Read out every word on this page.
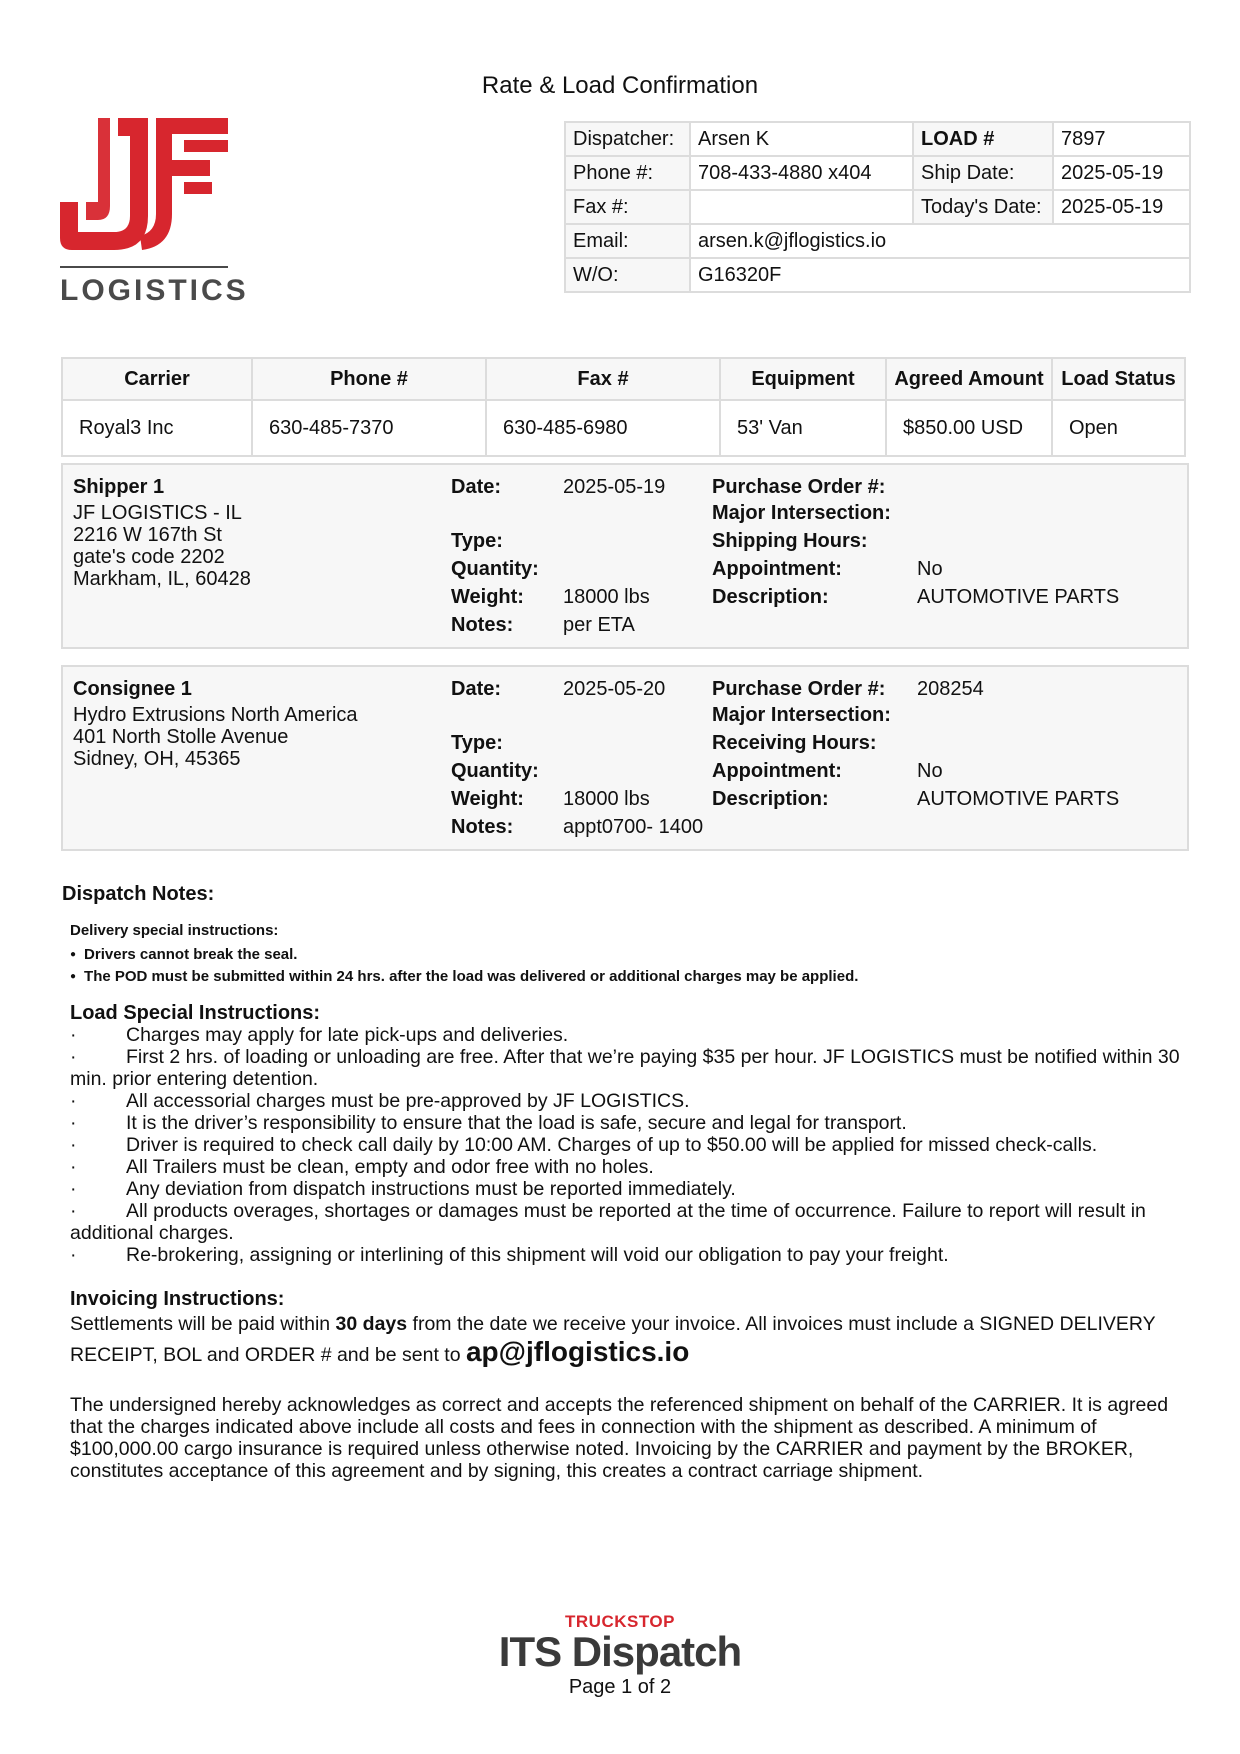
Rate & Load Confirmation
LOGISTICS
Dispatcher:	Arsen K	LOAD #	7897
Phone #:	708-433-4880 x404	Ship Date:	2025-05-19
Fax #:		Today's Date:	2025-05-19
Email:	arsen.k@jflogistics.io		
W/O:	G16320F		
Carrier	Phone #	Fax #	Equipment	Agreed Amount	Load Status
Royal3 Inc	630-485-7370	630-485-6980	53' Van	$850.00 USD	Open
Shipper 1
JF LOGISTICS - IL
2216 W 167th St
gate's code 2202
Markham, IL, 60428
Date:	2025-05-19
Type:
Quantity:
Weight: 18000 lbs
Notes: per ETA
Purchase Order #:
Major Intersection:
Shipping Hours:
Appointment:	No
Description:	AUTOMOTIVE PARTS
Consignee 1
Hydro Extrusions North America
401 North Stolle Avenue
Sidney, OH, 45365
Date:	2025-05-20
Type:
Quantity:
Weight: 18000 lbs
Notes: appt0700- 1400
Purchase Order #: 208254
Major Intersection:
Receiving Hours:
Appointment:	No
Description:	AUTOMOTIVE PARTS
Dispatch Notes:
Delivery special instructions:
● Drivers cannot break the seal.
● The POD must be submitted within 24 hrs. after the load was delivered or additional charges may be applied.
Load Special Instructions:
·	Charges may apply for late pick-ups and deliveries.
·	First 2 hrs. of loading or unloading are free. After that we’re paying $35 per hour. JF LOGISTICS must be notified within 30 min. prior entering detention.
·	All accessorial charges must be pre-approved by JF LOGISTICS.
·	It is the driver’s responsibility to ensure that the load is safe, secure and legal for transport.
·	Driver is required to check call daily by 10:00 AM. Charges of up to $50.00 will be applied for missed check-calls.
·	All Trailers must be clean, empty and odor free with no holes.
·	Any deviation from dispatch instructions must be reported immediately.
·	All products overages, shortages or damages must be reported at the time of occurrence. Failure to report will result in additional charges.
·	Re-brokering, assigning or interlining of this shipment will void our obligation to pay your freight.
Invoicing Instructions:
Settlements will be paid within 30 days from the date we receive your invoice. All invoices must include a SIGNED DELIVERY RECEIPT, BOL and ORDER # and be sent to ap@jflogistics.io
The undersigned hereby acknowledges as correct and accepts the referenced shipment on behalf of the CARRIER. It is agreed that the charges indicated above include all costs and fees in connection with the shipment as described. A minimum of $100,000.00 cargo insurance is required unless otherwise noted. Invoicing by the CARRIER and payment by the BROKER, constitutes acceptance of this agreement and by signing, this creates a contract carriage shipment.
TRUCKSTOP
ITS Dispatch
Page 1 of 2
